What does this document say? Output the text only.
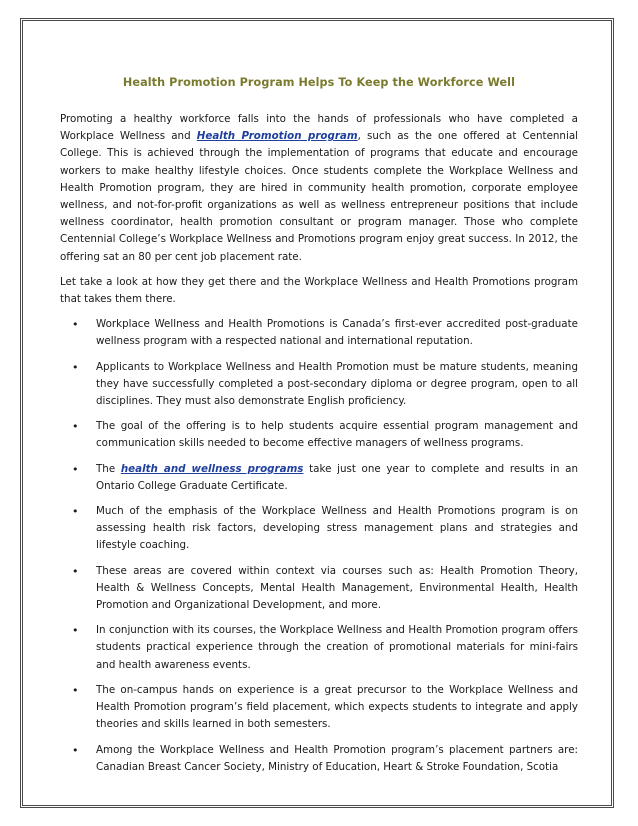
Health Promotion Program Helps To Keep the Workforce Well

Promoting a healthy workforce falls into the hands of professionals who have completed a Workplace Wellness and Health Promotion program, such as the one offered at Centennial College. This is achieved through the implementation of programs that educate and encourage workers to make healthy lifestyle choices. Once students complete the Workplace Wellness and Health Promotion program, they are hired in community health promotion, corporate employee wellness, and not-for-profit organizations as well as wellness entrepreneur positions that include wellness coordinator, health promotion consultant or program manager. Those who complete Centennial College’s Workplace Wellness and Promotions program enjoy great success. In 2012, the offering sat an 80 per cent job placement rate.

Let take a look at how they get there and the Workplace Wellness and Health Promotions program that takes them there.

• Workplace Wellness and Health Promotions is Canada’s first-ever accredited post-graduate wellness program with a respected national and international reputation.
• Applicants to Workplace Wellness and Health Promotion must be mature students, meaning they have successfully completed a post-secondary diploma or degree program, open to all disciplines. They must also demonstrate English proficiency.
• The goal of the offering is to help students acquire essential program management and communication skills needed to become effective managers of wellness programs.
• The health and wellness programs take just one year to complete and results in an Ontario College Graduate Certificate.
• Much of the emphasis of the Workplace Wellness and Health Promotions program is on assessing health risk factors, developing stress management plans and strategies and lifestyle coaching.
• These areas are covered within context via courses such as: Health Promotion Theory, Health & Wellness Concepts, Mental Health Management, Environmental Health, Health Promotion and Organizational Development, and more.
• In conjunction with its courses, the Workplace Wellness and Health Promotion program offers students practical experience through the creation of promotional materials for mini-fairs and health awareness events.
• The on-campus hands on experience is a great precursor to the Workplace Wellness and Health Promotion program’s field placement, which expects students to integrate and apply theories and skills learned in both semesters.
• Among the Workplace Wellness and Health Promotion program’s placement partners are: Canadian Breast Cancer Society, Ministry of Education, Heart & Stroke Foundation, Scotia
